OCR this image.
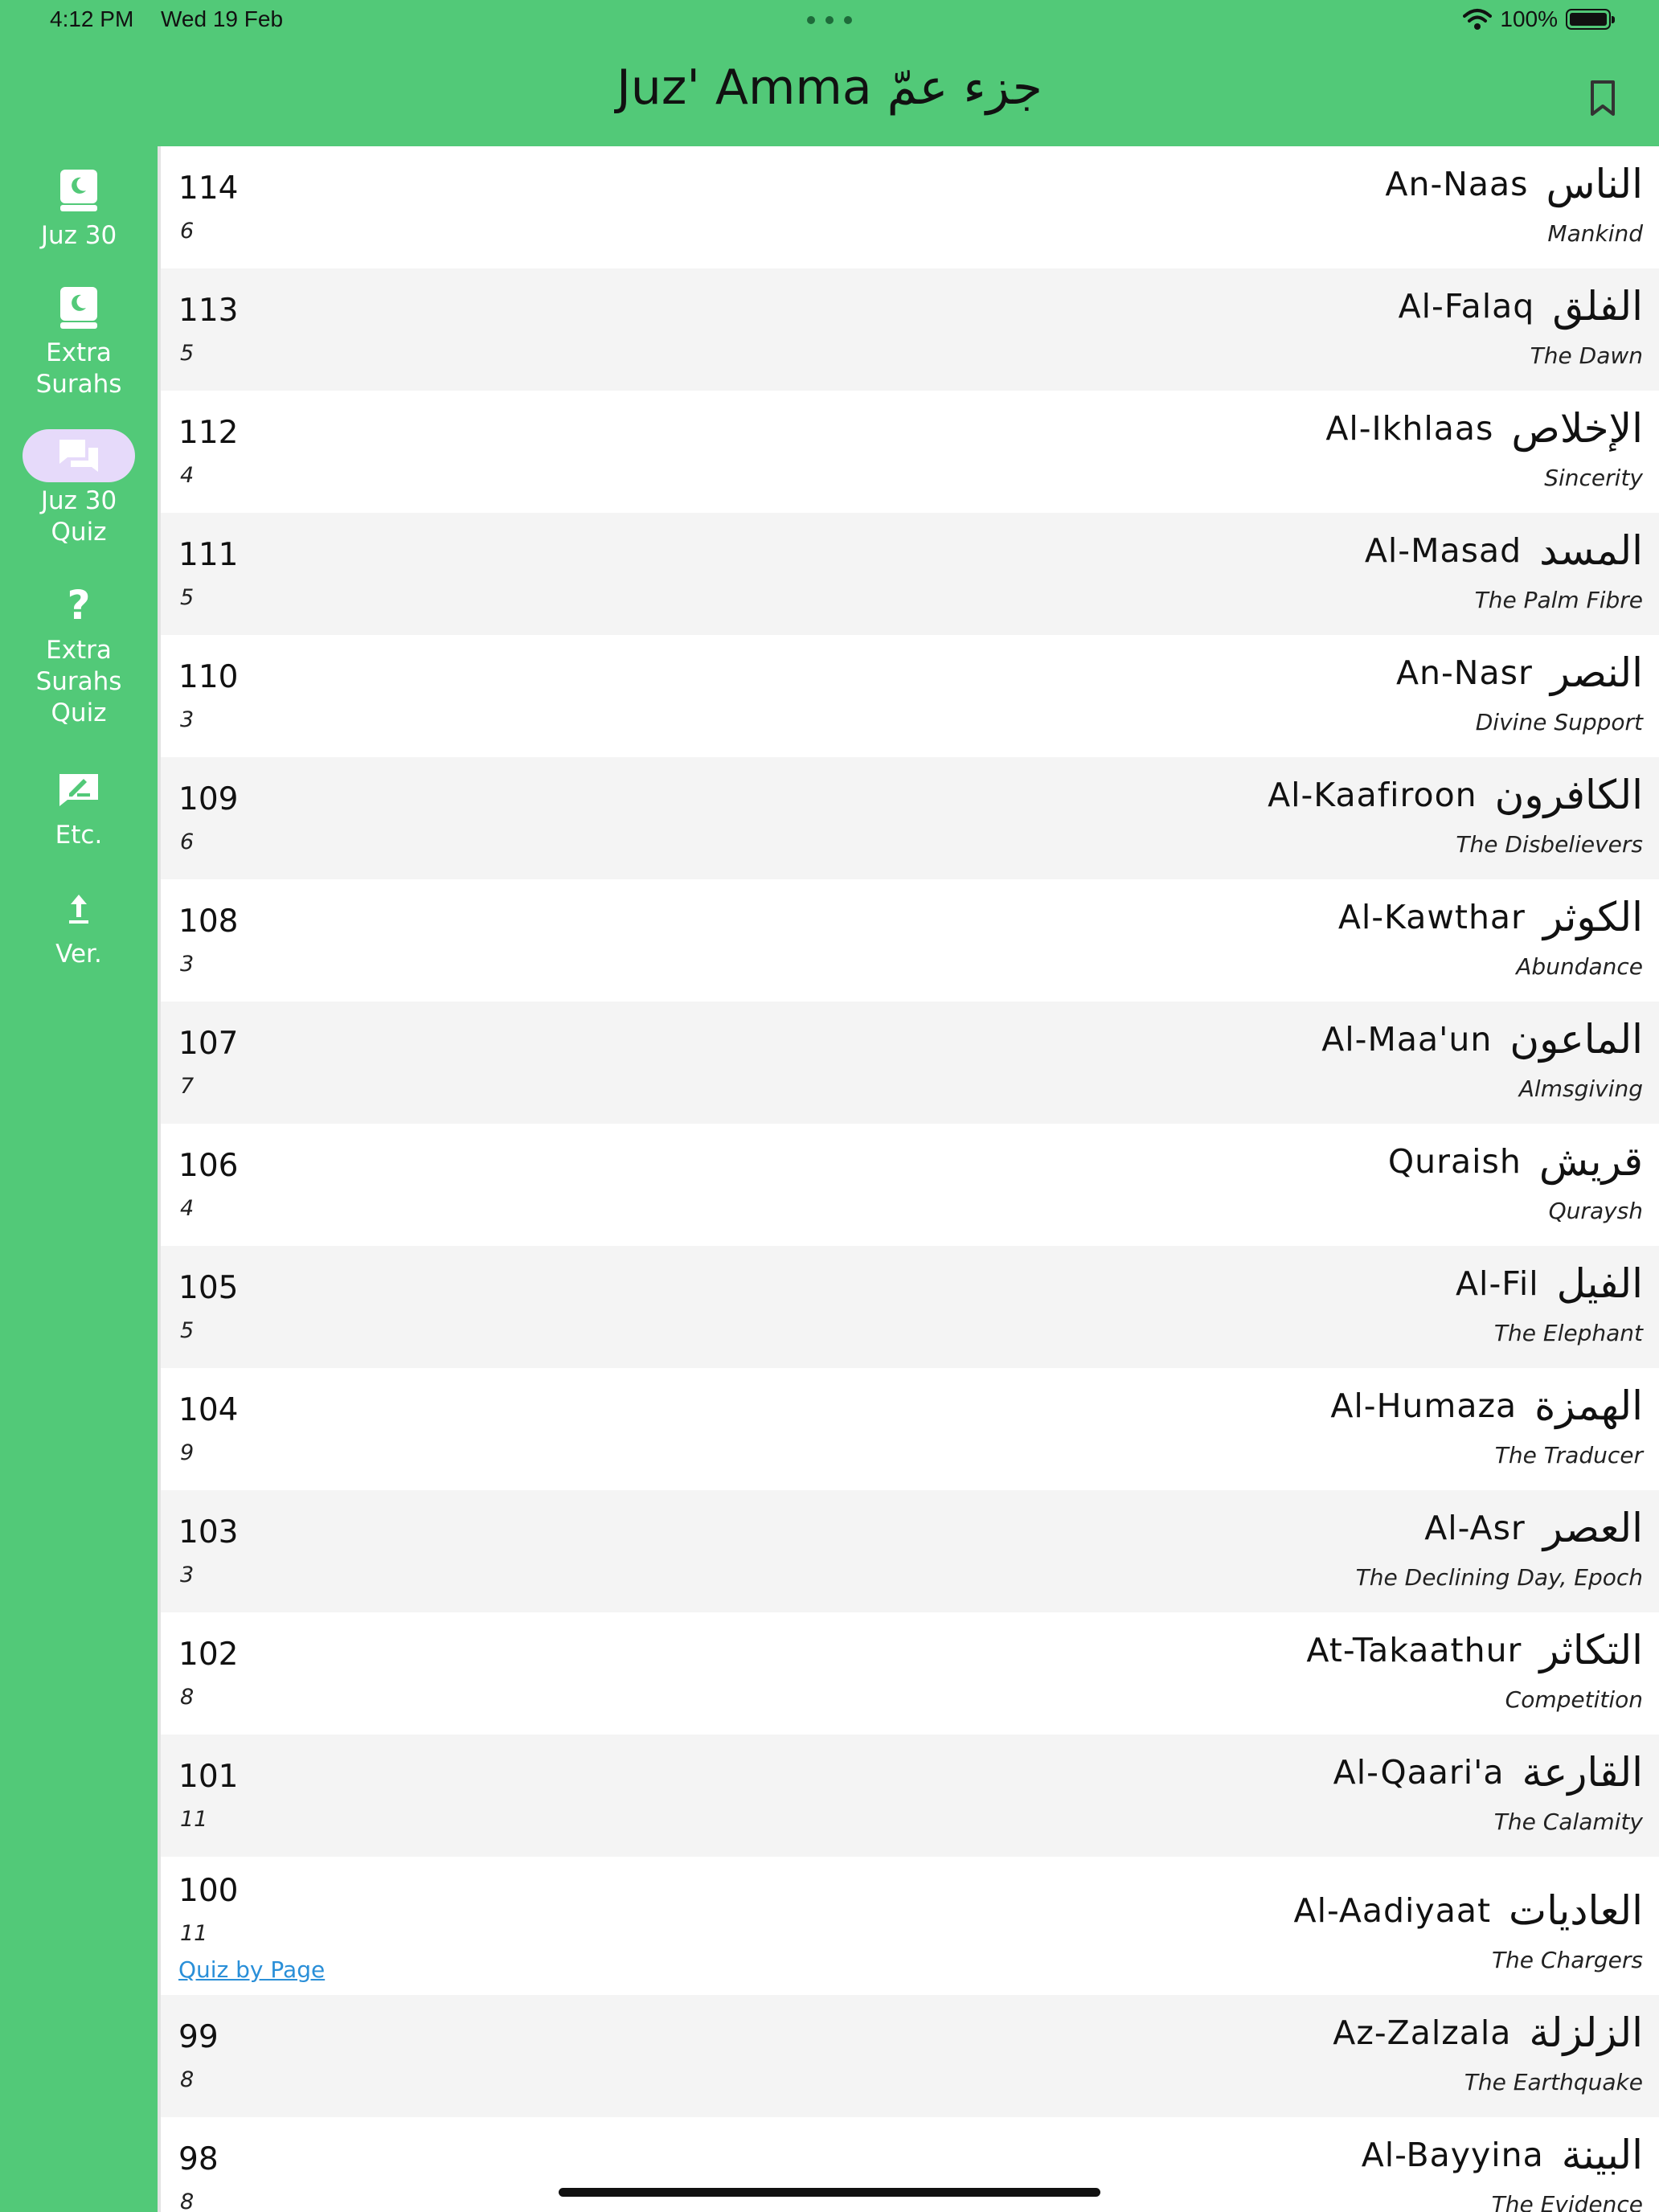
4:12 PM Wed 19 Feb	100%
Juz' Amma جزء عمّ
Juz 30
Extra Surahs
Juz 30 Quiz
?
Extra Surahs Quiz
Etc.
Ver.
114
6
An-Naas الناس
Mankind
113
5
Al-Falaq الفلق
The Dawn
112
4
Al-Ikhlaas الإخلاص
Sincerity
111
5
Al-Masad المسد
The Palm Fibre
110
3
An-Nasr النصر
Divine Support
109
6
Al-Kaafiroon الكافرون
The Disbelievers
108
3
Al-Kawthar الكوثر
Abundance
107
7
Al-Maa'un الماعون
Almsgiving
106
4
Quraish قريش
Quraysh
105
5
Al-Fil الفيل
The Elephant
104
9
Al-Humaza الهمزة
The Traducer
103
3
Al-Asr العصر
The Declining Day, Epoch
102
8
At-Takaathur التكاثر
Competition
101
11
Al-Qaari'a القارعة
The Calamity
100
11
Quiz by Page
Al-Aadiyaat العاديات
The Chargers
99
8
Az-Zalzala الزلزلة
The Earthquake
98
8
Al-Bayyina البينة
The Evidence
